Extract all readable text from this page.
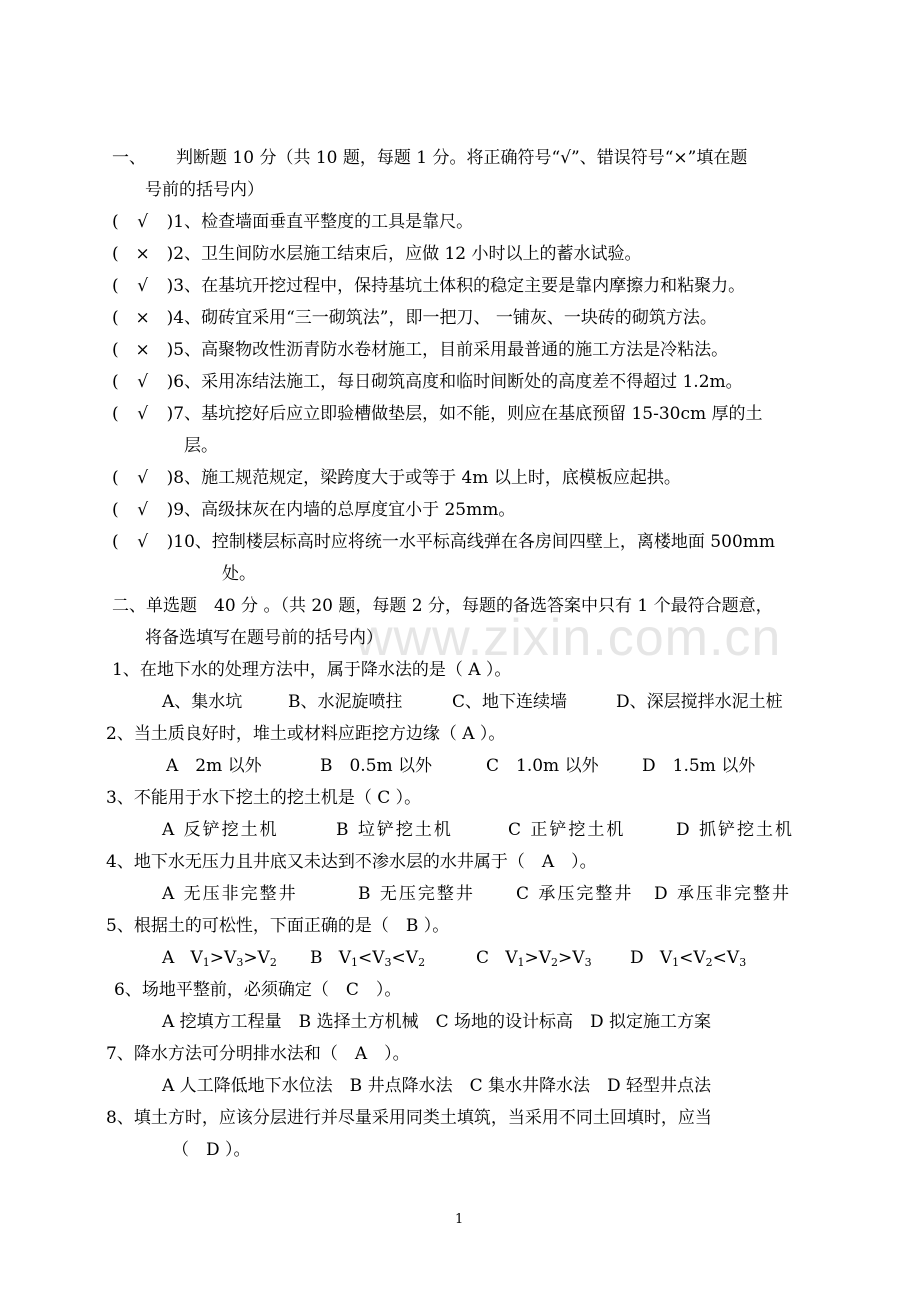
www.zixin.com.cn
一、 判断题 10 分（共 10 题，每题 1 分。将正确符号“√”、错误符号“×”填在题
号前的括号内）
( √ )1、检查墙面垂直平整度的工具是靠尺。
( × )2、卫生间防水层施工结束后，应做 12 小时以上的蓄水试验。
( √ )3、在基坑开挖过程中，保持基坑土体积的稳定主要是靠内摩擦力和粘聚力。
( × )4、砌砖宜采用“三一砌筑法”，即一把刀、 一铺灰、一块砖的砌筑方法。
( × )5、高聚物改性沥青防水卷材施工，目前采用最普通的施工方法是冷粘法。
( √ )6、采用冻结法施工，每日砌筑高度和临时间断处的高度差不得超过 1.2m。
( √ )7、基坑挖好后应立即验槽做垫层，如不能，则应在基底预留 15-30cm 厚的土
层。
( √ )8、施工规范规定，梁跨度大于或等于 4m 以上时，底模板应起拱。
( √ )9、高级抹灰在内墙的总厚度宜小于 25mm。
( √ )10、控制楼层标高时应将统一水平标高线弹在各房间四壁上，离楼地面 500mm
处。
二、单选题　40 分 。（共 20 题，每题 2 分，每题的备选答案中只有 1 个最符合题意，
将备选填写在题号前的括号内）
1、在地下水的处理方法中，属于降水法的是（ A ）。
A、集水坑	B、水泥旋喷拄	C、地下连续墙	D、深层搅拌水泥土桩
2、当土质良好时，堆土或材料应距挖方边缘（ A ）。
A　2m 以外	B　0.5m 以外	C　1.0m 以外	D　1.5m 以外
3、不能用于水下挖土的挖土机是（ C ）。
A 反铲挖土机	B 垃铲挖土机	C 正铲挖土机	D 抓铲挖土机
4、地下水无压力且井底又未达到不渗水层的水井属于（　A　）。
A 无压非完整井	B 无压完整井 C 承压完整井 D 承压非完整井
5、根据土的可松性，下面正确的是（　B ）。
A $V_1>V_3>V_2$ B $V_1<V_3<V_2$	C $V_1>V_2>V_3$ D $V_1<V_2<V_3$
6、场地平整前，必须确定（　C　）。
A 挖填方工程量　B 选择土方机械　C 场地的设计标高　D 拟定施工方案
7、降水方法可分明排水法和（　A　）。
A 人工降低地下水位法　B 井点降水法　C 集水井降水法　D 轻型井点法
8、填土方时，应该分层进行并尽量采用同类土填筑，当采用不同土回填时，应当
（　D ）。
1
